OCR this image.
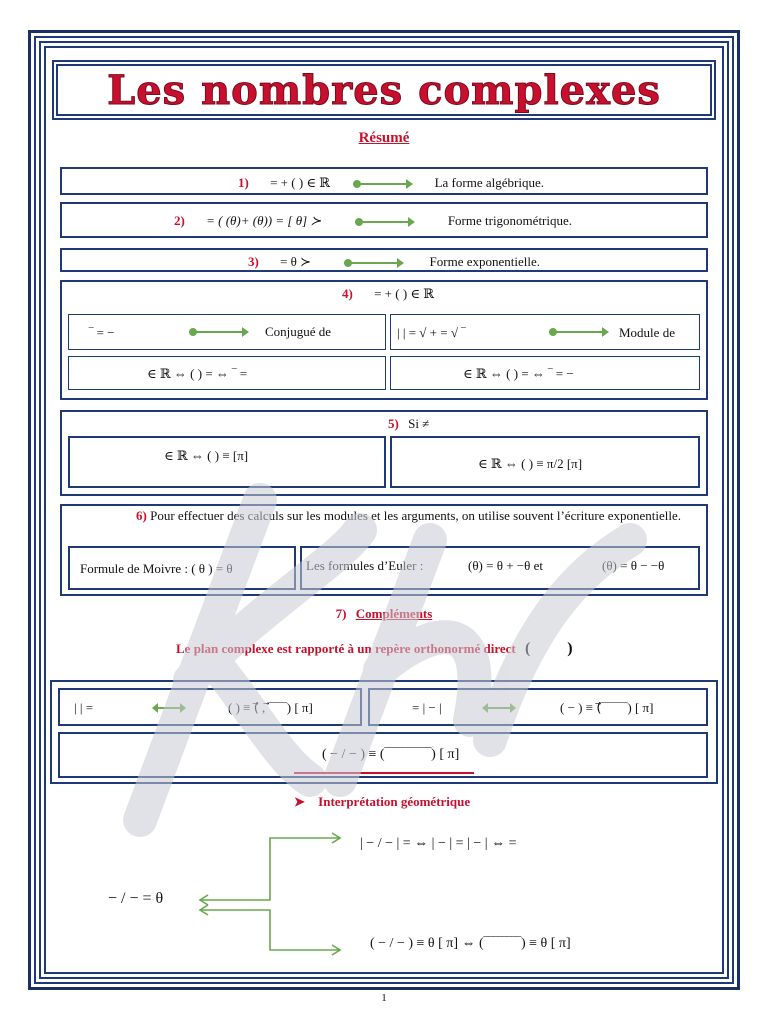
Les nombres complexes
Résumé
1) = + ( ) ∈ ℝ	La forme algébrique.
2) = ( (θ)+ (θ)) = [ θ] ≻	Forme trigonométrique.
3) = θ ≻	Forme exponentielle.
4) = + ( ) ∈ ℝ
‾ = −	Conjugué de	| | = √ + = √ ‾	Module de
∈ ℝ ⇔ ( ) = ⇔ ‾ =	∈ ℝ ⇔ ( ) = ⇔ ‾ = −
5) Si ≠
∈ ℝ ⇔ ( ) ≡ [π]
∈ ℝ ⇔ ( ) ≡ π/2 [π]
6) Pour effectuer des calculs sur les modules et les arguments, on utilise souvent l’écriture exponentielle.
Formule de Moivre : ( θ ) = θ	Les formules d’Euler :	(θ) = θ + −θ et	(θ) = θ − −θ
7) Compléments
Le plan complexe est rapporté à un repère orthonormé direct ( ⃗ ⃗ )
| | =	( ) ≡ (⃗ , ⃗‾‾‾‾) [ π]	= | − |	( − ) ≡ (⃗‾‾‾‾‾‾) [ π]
( − / − ) ≡ (‾‾‾‾‾‾‾‾‾‾) [ π]
➤ Interprétation géométrique
− / − = θ
| − / − | = ⇔ | − | = | − | ⇔ =
( − / − ) ≡ θ [ π] ⇔ (‾‾‾‾‾‾‾‾) ≡ θ [ π]
1
